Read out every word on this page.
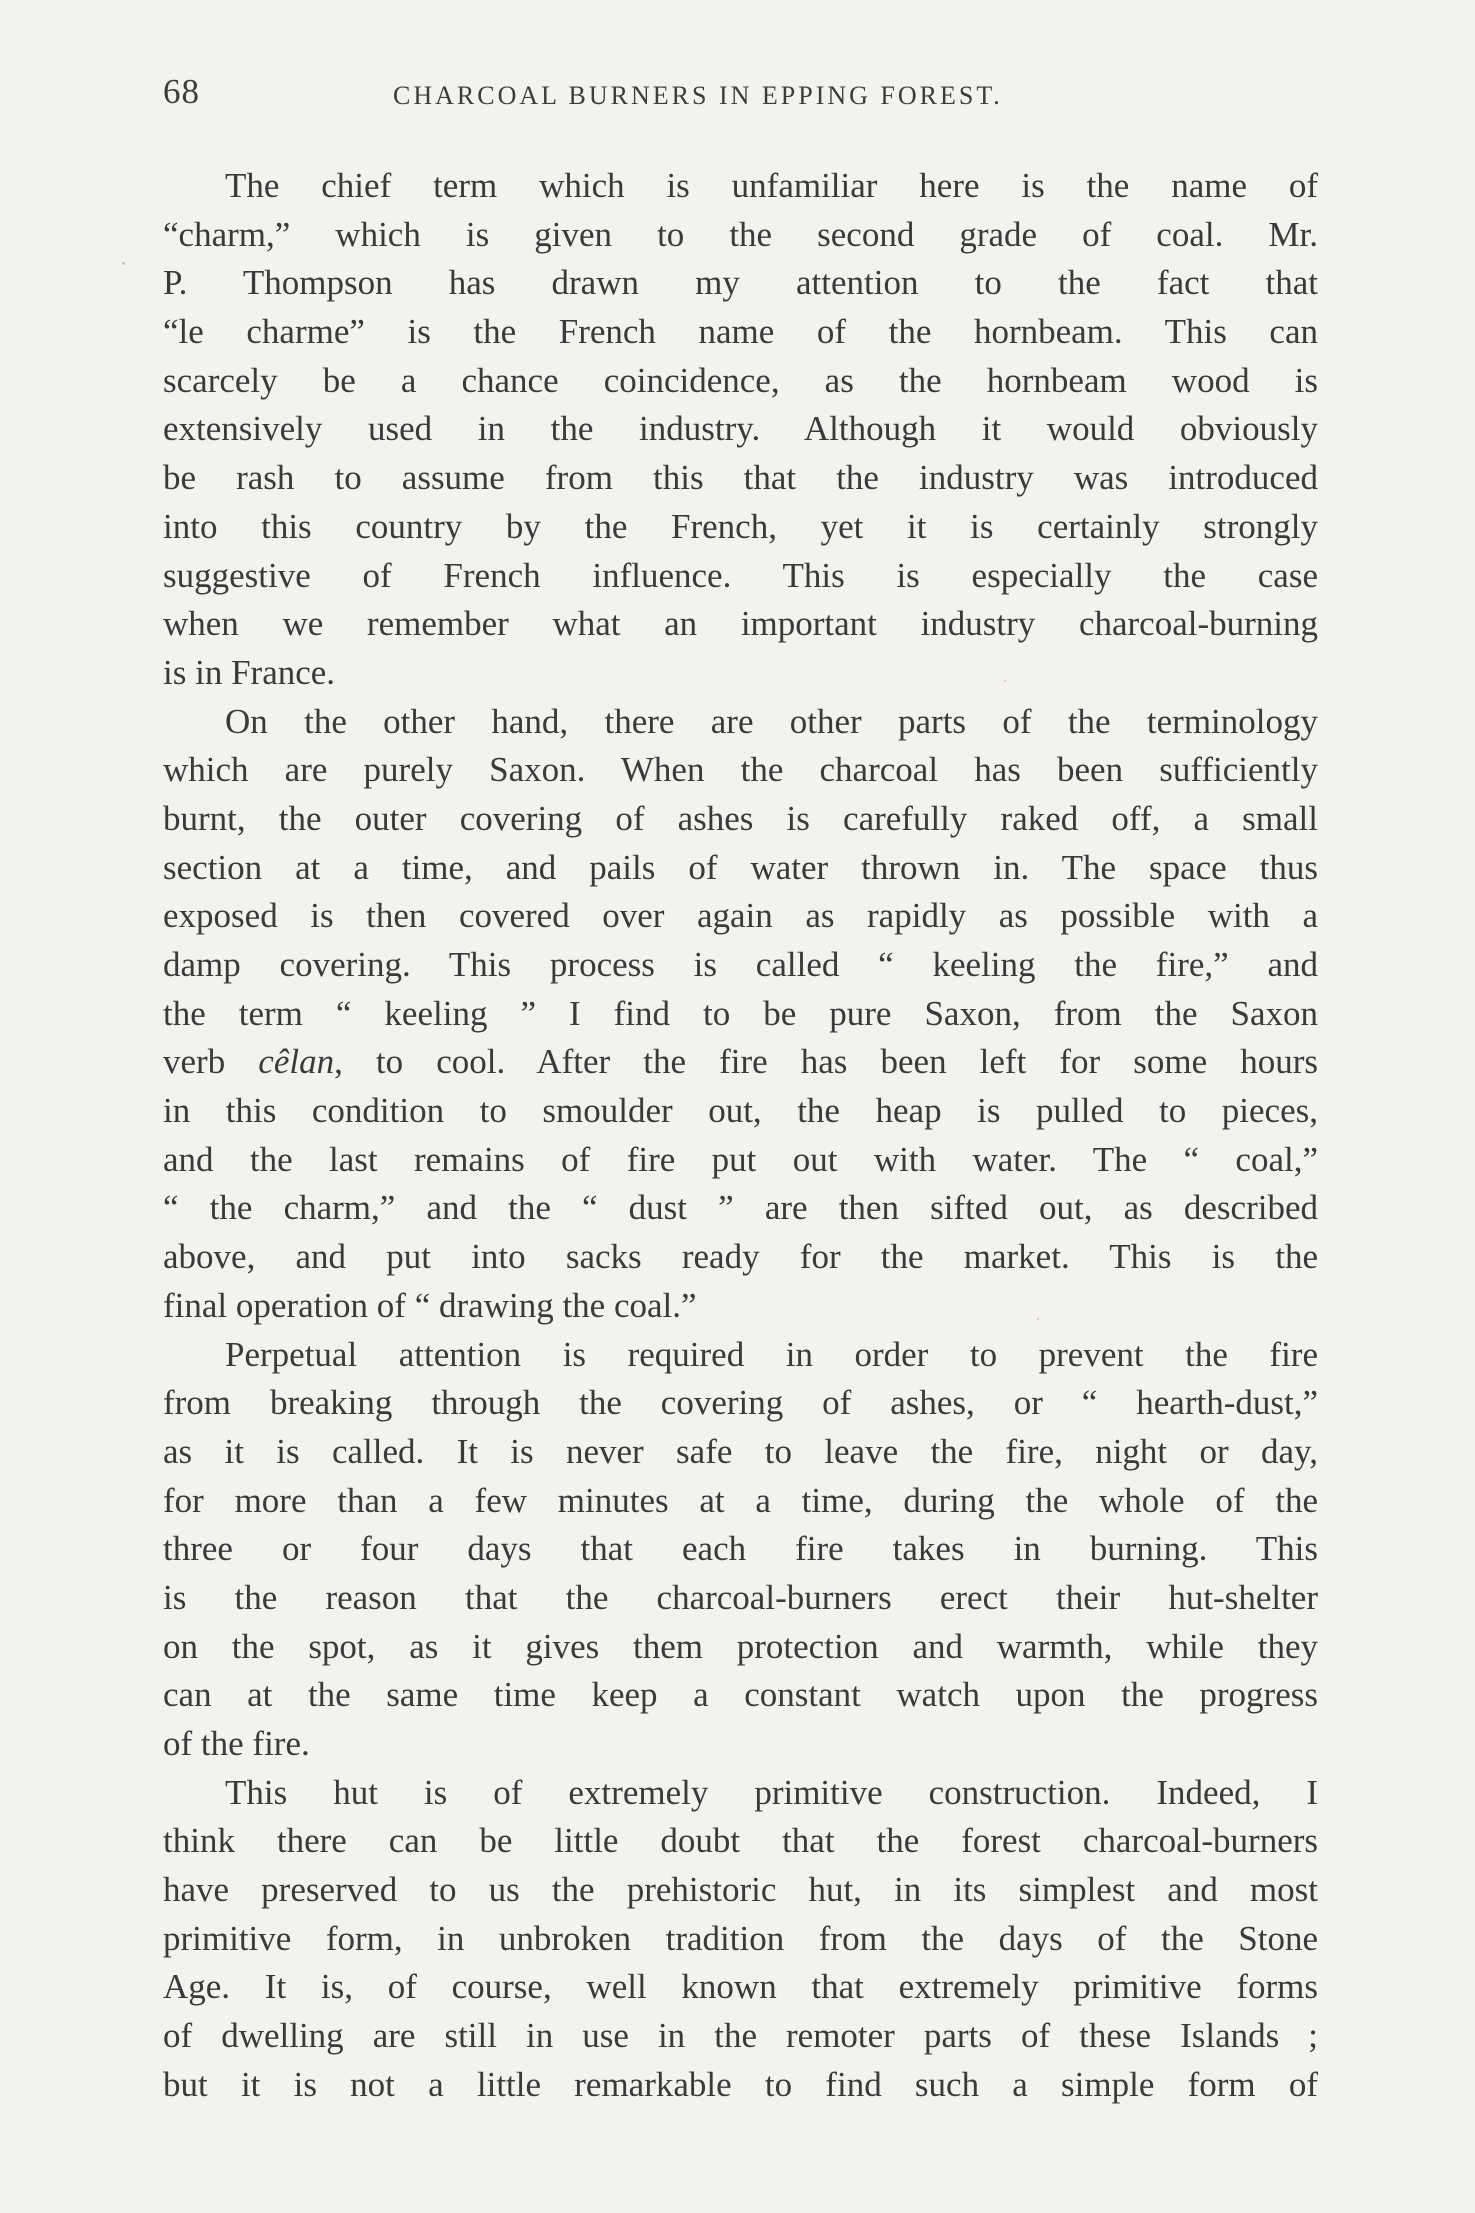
68	CHARCOAL BURNERS IN EPPING FOREST.
The chief term which is unfamiliar here is the name of
“charm,” which is given to the second grade of coal. Mr.
P. Thompson has drawn my attention to the fact that
“le charme” is the French name of the hornbeam. This can
scarcely be a chance coincidence, as the hornbeam wood is
extensively used in the industry. Although it would obviously
be rash to assume from this that the industry was introduced
into this country by the French, yet it is certainly strongly
suggestive of French influence. This is especially the case
when we remember what an important industry charcoal-burning
is in France.
On the other hand, there are other parts of the terminology
which are purely Saxon. When the charcoal has been sufficiently
burnt, the outer covering of ashes is carefully raked off, a small
section at a time, and pails of water thrown in. The space thus
exposed is then covered over again as rapidly as possible with a
damp covering. This process is called “ keeling the fire,” and
the term “ keeling ” I find to be pure Saxon, from the Saxon
verb cêlan, to cool. After the fire has been left for some hours
in this condition to smoulder out, the heap is pulled to pieces,
and the last remains of fire put out with water. The “ coal,”
“ the charm,” and the “ dust ” are then sifted out, as described
above, and put into sacks ready for the market. This is the
final operation of “ drawing the coal.”
Perpetual attention is required in order to prevent the fire
from breaking through the covering of ashes, or “ hearth-dust,”
as it is called. It is never safe to leave the fire, night or day,
for more than a few minutes at a time, during the whole of the
three or four days that each fire takes in burning. This
is the reason that the charcoal-burners erect their hut-shelter
on the spot, as it gives them protection and warmth, while they
can at the same time keep a constant watch upon the progress
of the fire.
This hut is of extremely primitive construction. Indeed, I
think there can be little doubt that the forest charcoal-burners
have preserved to us the prehistoric hut, in its simplest and most
primitive form, in unbroken tradition from the days of the Stone
Age. It is, of course, well known that extremely primitive forms
of dwelling are still in use in the remoter parts of these Islands ;
but it is not a little remarkable to find such a simple form of
